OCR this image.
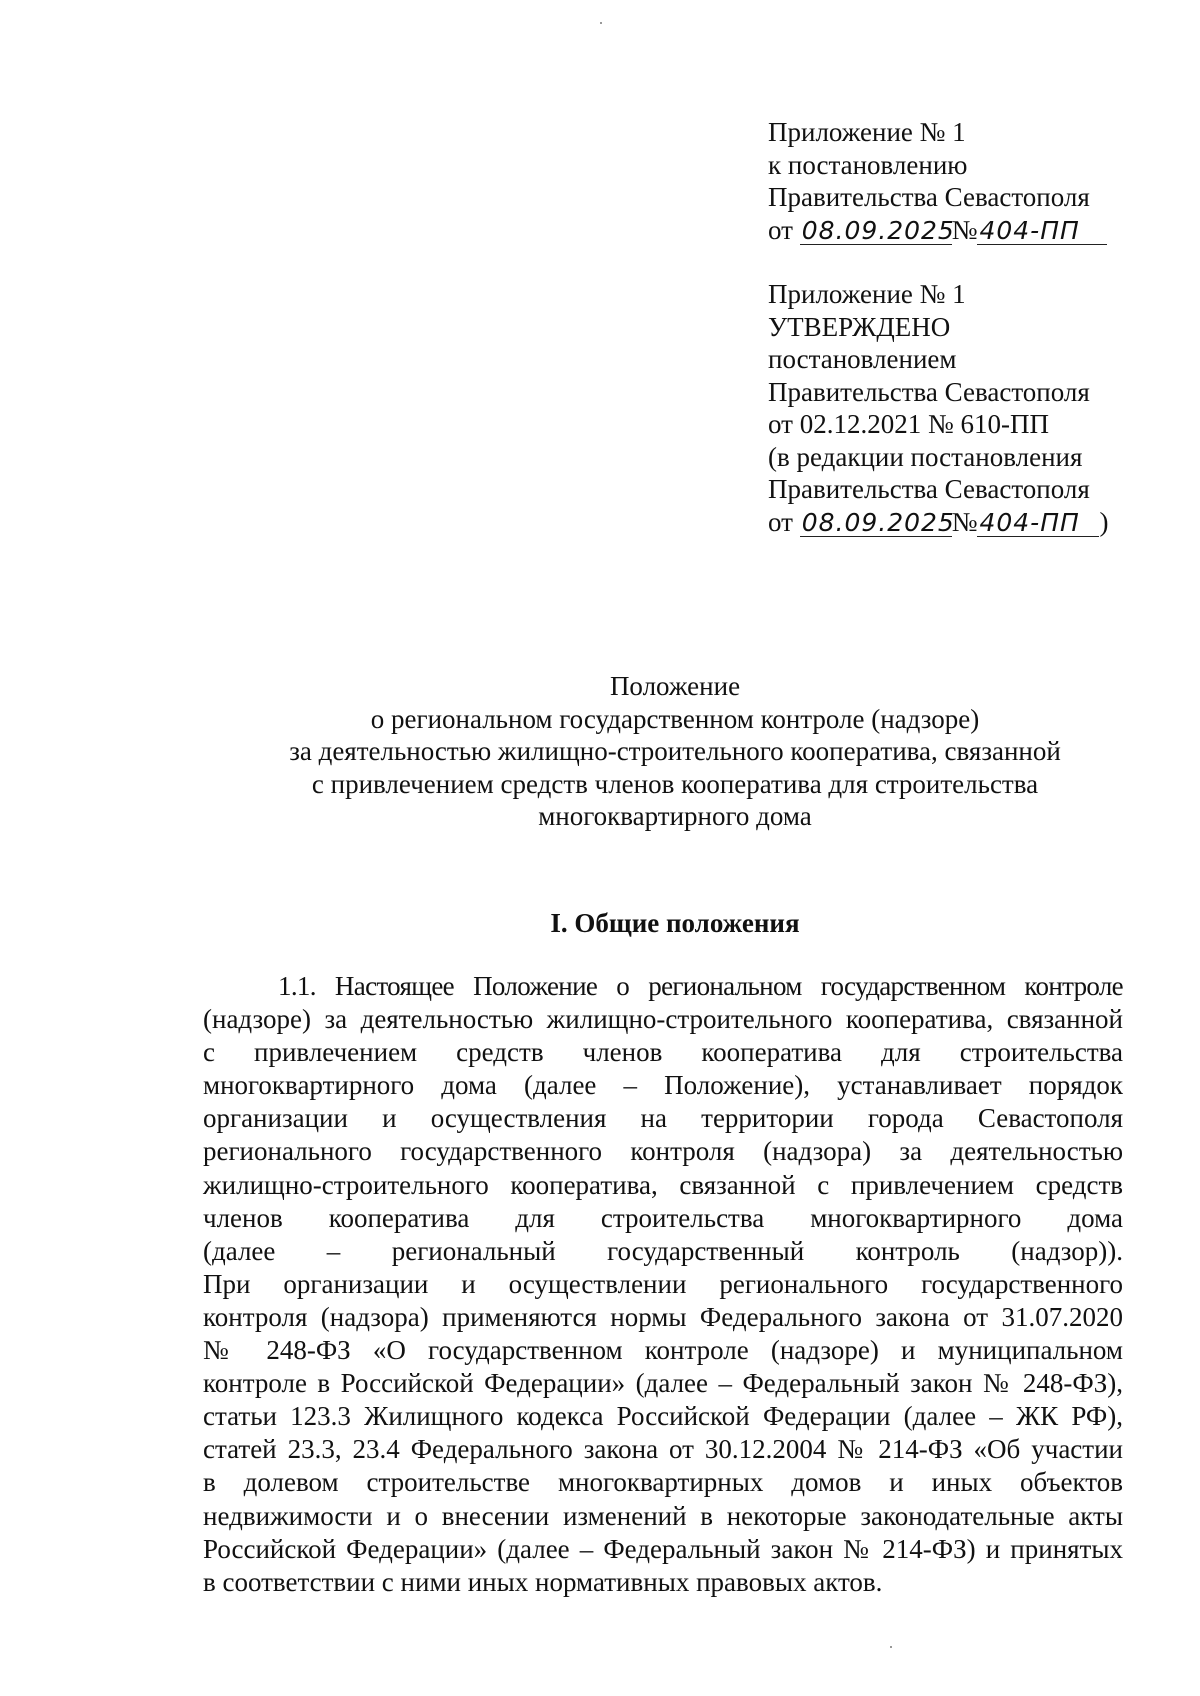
Приложение № 1
к постановлению
Правительства Севастополя
от 08.09.2025№404-ПП
Приложение № 1
УТВЕРЖДЕНО
постановлением
Правительства Севастополя
от 02.12.2021 № 610-ПП
(в редакции постановления
Правительства Севастополя
от 08.09.2025№404-ПП )
Положение
о региональном государственном контроле (надзоре)
за деятельностью жилищно-строительного кооператива, связанной
с привлечением средств членов кооператива для строительства
многоквартирного дома
I. Общие положения
1.1. Настоящее Положение о региональном государственном контроле
(надзоре) за деятельностью жилищно-строительного кооператива, связанной
с привлечением средств членов кооператива для строительства
многоквартирного дома (далее – Положение), устанавливает порядок
организации и осуществления на территории города Севастополя
регионального государственного контроля (надзора) за деятельностью
жилищно-строительного кооператива, связанной с привлечением средств
членов кооператива для строительства многоквартирного дома
(далее – региональный государственный контроль (надзор)).
При организации и осуществлении регионального государственного
контроля (надзора) применяются нормы Федерального закона от 31.07.2020
№ 248-ФЗ «О государственном контроле (надзоре) и муниципальном
контроле в Российской Федерации» (далее – Федеральный закон № 248-ФЗ),
статьи 123.3 Жилищного кодекса Российской Федерации (далее – ЖК РФ),
статей 23.3, 23.4 Федерального закона от 30.12.2004 № 214-ФЗ «Об участии
в долевом строительстве многоквартирных домов и иных объектов
недвижимости и о внесении изменений в некоторые законодательные акты
Российской Федерации» (далее – Федеральный закон № 214-ФЗ) и принятых
в соответствии с ними иных нормативных правовых актов.
